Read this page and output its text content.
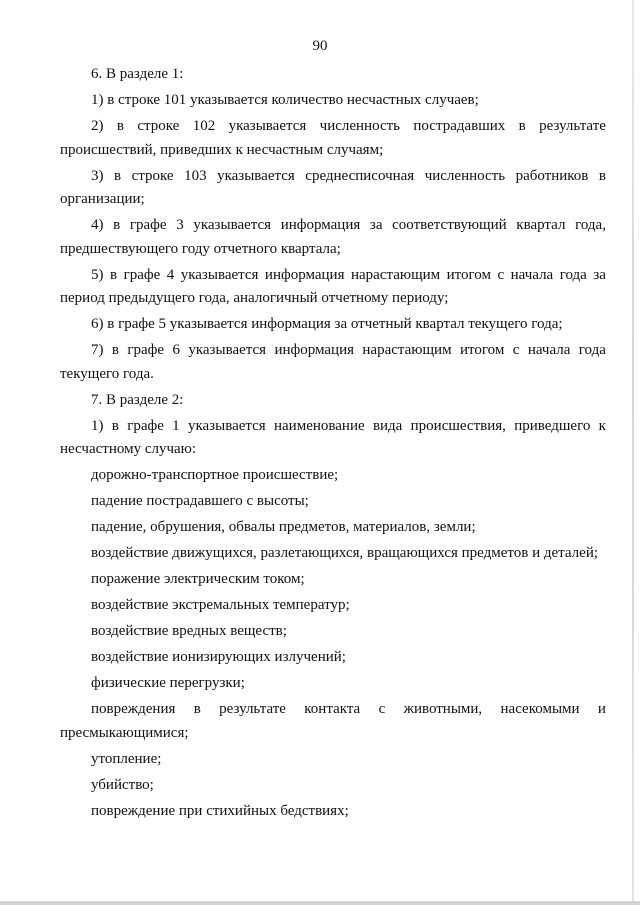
90
6. В разделе 1:
1) в строке 101 указывается количество несчастных случаев;
2) в строке 102 указывается численность пострадавших в результате
происшествий, приведших к несчастным случаям;
3) в строке 103 указывается среднесписочная численность работников в
организации;
4) в графе 3 указывается информация за соответствующий квартал года,
предшествующего году отчетного квартала;
5) в графе 4 указывается информация нарастающим итогом с начала года за
период предыдущего года, аналогичный отчетному периоду;
6) в графе 5 указывается информация за отчетный квартал текущего года;
7) в графе 6 указывается информация нарастающим итогом с начала года
текущего года.
7. В разделе 2:
1) в графе 1 указывается наименование вида происшествия, приведшего к
несчастному случаю:
дорожно-транспортное происшествие;
падение пострадавшего с высоты;
падение, обрушения, обвалы предметов, материалов, земли;
воздействие движущихся, разлетающихся, вращающихся предметов и деталей;
поражение электрическим током;
воздействие экстремальных температур;
воздействие вредных веществ;
воздействие ионизирующих излучений;
физические перегрузки;
повреждения в результате контакта с животными, насекомыми и
пресмыкающимися;
утопление;
убийство;
повреждение при стихийных бедствиях;
